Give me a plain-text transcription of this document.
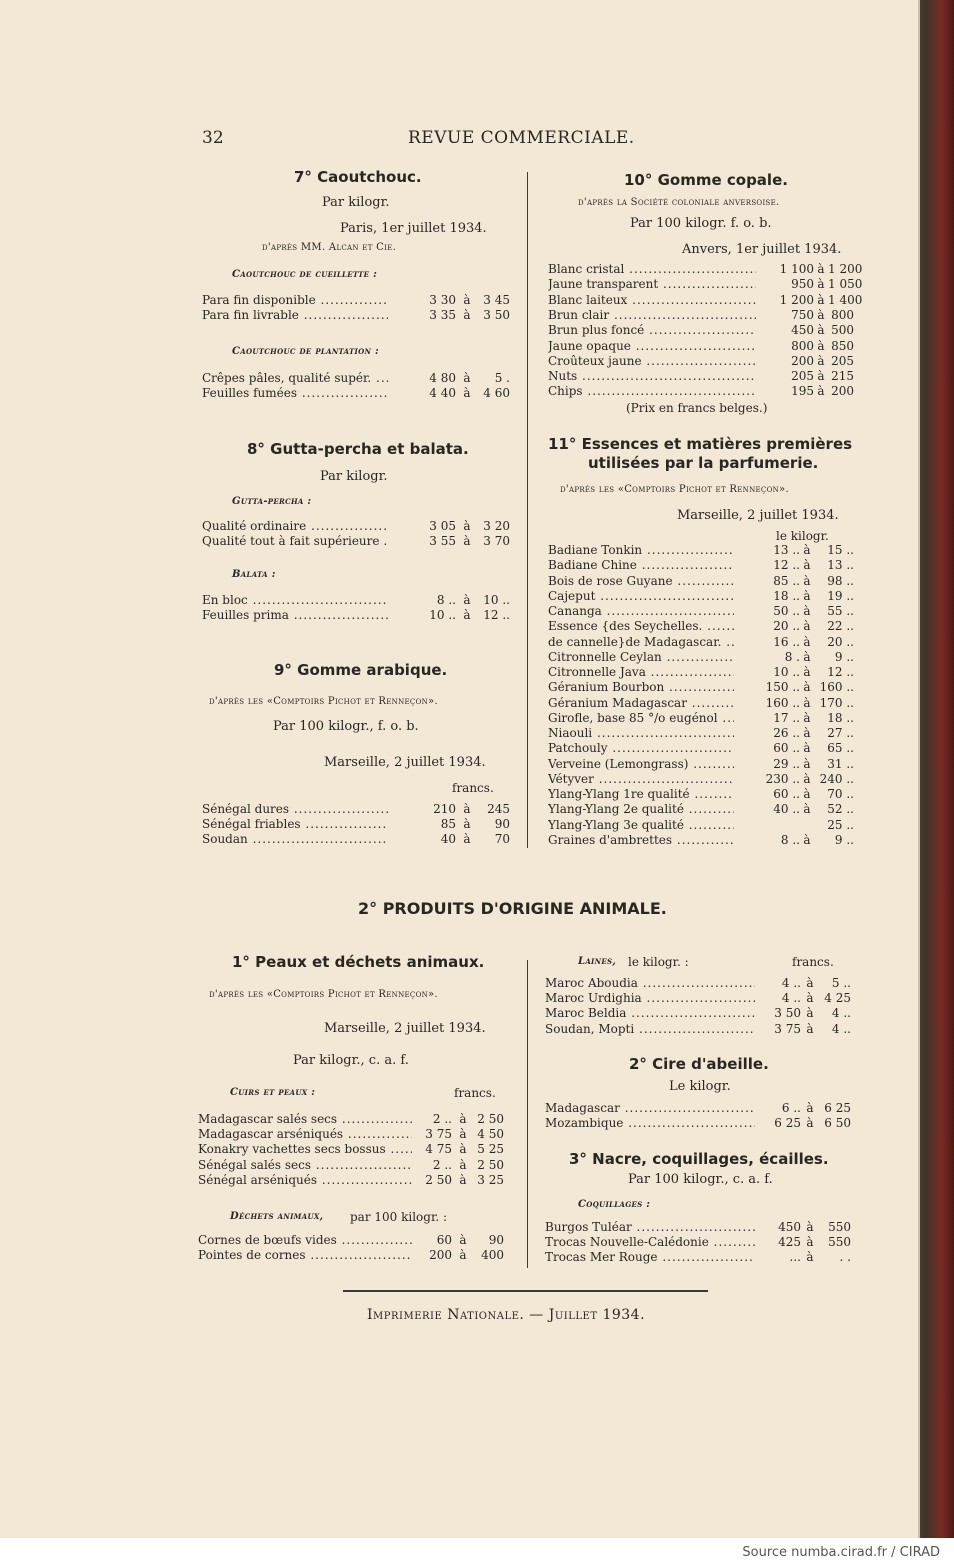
32	REVUE COMMERCIALE.
7° Caoutchouc.
Par kilogr.
Paris, 1er juillet 1934.
d'après MM. Alcan et Cie.
Caoutchouc de cueillette :
Para fin disponible .....	3 30 à	3 45
Para fin livrable .....	3 35 à	3 50
Caoutchouc de plantation :
Crêpes pâles, qualité supér. .....	4 80 à	5 .
Feuilles fumées .....	4 40 à	4 60
8° Gutta-percha et balata.
Par kilogr.
Gutta-percha :
Qualité ordinaire .....	3 05 à	3 20
Qualité tout à fait supérieure . .....	3 55 à	3 70
Balata :
En bloc .....	8 .. à	10 ..
Feuilles prima .....	10 .. à	12 ..
9° Gomme arabique.
d'après les «Comptoirs Pichot et Renneçon».
Par 100 kilogr., f. o. b.
Marseille, 2 juillet 1934.
francs.
Sénégal dures .....	210 à	245
Sénégal friables .....	85 à	90
Soudan .....	40 à	70
10° Gomme copale.
d'après la Société coloniale anversoise.
Par 100 kilogr. f. o. b.
Anvers, 1er juillet 1934.
Blanc cristal .....	1 100 à 1 200
Jaune transparent .....	950 à 1 050
Blanc laiteux .....	1 200 à 1 400
Brun clair .....	750 à 800
Brun plus foncé .....	450 à 500
Jaune opaque .....	800 à 850
Croûteux jaune .....	200 à 205
Nuts .....	205 à 215
Chips .....	195 à 200
(Prix en francs belges.)
11° Essences et matières premières
utilisées par la parfumerie.
d'après les «Comptoirs Pichot et Renneçon».
Marseille, 2 juillet 1934.
le kilogr.
Badiane Tonkin .....	13 .. à	15 ..
Badiane Chine .....	12 .. à	13 ..
Bois de rose Guyane .....	85 .. à	98 ..
Cajeput .....	18 .. à	19 ..
Cananga .....	50 .. à	55 ..
Essence {des Seychelles. .....	20 .. à	22 ..
de cannelle}de Madagascar. .....	16 .. à	20 ..
Citronnelle Ceylan .....	8 . à	9 ..
Citronnelle Java .....	10 .. à	12 ..
Géranium Bourbon .....	150 .. à 160 ..
Géranium Madagascar .....	160 .. à 170 ..
Girofle, base 85 °/o eugénol .....	17 .. à	18 ..
Niaouli .....	26 .. à	27 ..
Patchouly .....	60 .. à	65 ..
Verveine (Lemongrass) .....	29 .. à	31 ..
Vétyver .....	230 .. à 240 ..
Ylang-Ylang 1re qualité .....	60 .. à	70 ..
Ylang-Ylang 2e qualité .....	40 .. à	52 ..
Ylang-Ylang 3e qualité .....	25 ..
Graines d'ambrettes .....	8 .. à	9 ..
2° PRODUITS D'ORIGINE ANIMALE.
1° Peaux et déchets animaux.
d'après les «Comptoirs Pichot et Renneçon».
Marseille, 2 juillet 1934.
Par kilogr., c. a. f.
Cuirs et peaux :	francs.
Madagascar salés secs .....	2 .. à 2 50
Madagascar arséniqués .....	3 75 à 4 50
Konakry vachettes secs bossus .....	4 75 à 5 25
Sénégal salés secs .....	2 .. à 2 50
Sénégal arséniqués .....	2 50 à 3 25
Déchets animaux, par 100 kilogr. :
Cornes de bœufs vides .....	60 à	90
Pointes de cornes .....	200 à	400
Laines, le kilogr. :	francs.
Maroc Aboudia .....	4 .. à	5 ..
Maroc Urdighia .....	4 .. à 4 25
Maroc Beldia .....	3 50 à	4 ..
Soudan, Mopti .....	3 75 à	4 ..
2° Cire d'abeille.
Le kilogr.
Madagascar .....	6 .. à 6 25
Mozambique .....	6 25 à 6 50
3° Nacre, coquillages, écailles.
Par 100 kilogr., c. a. f.
Coquillages :
Burgos Tuléar .....	450 à	550
Trocas Nouvelle-Calédonie .....	425 à	550
Trocas Mer Rouge .....	... à	. .
Imprimerie Nationale. — Juillet 1934.
Source numba.cirad.fr / CIRAD
